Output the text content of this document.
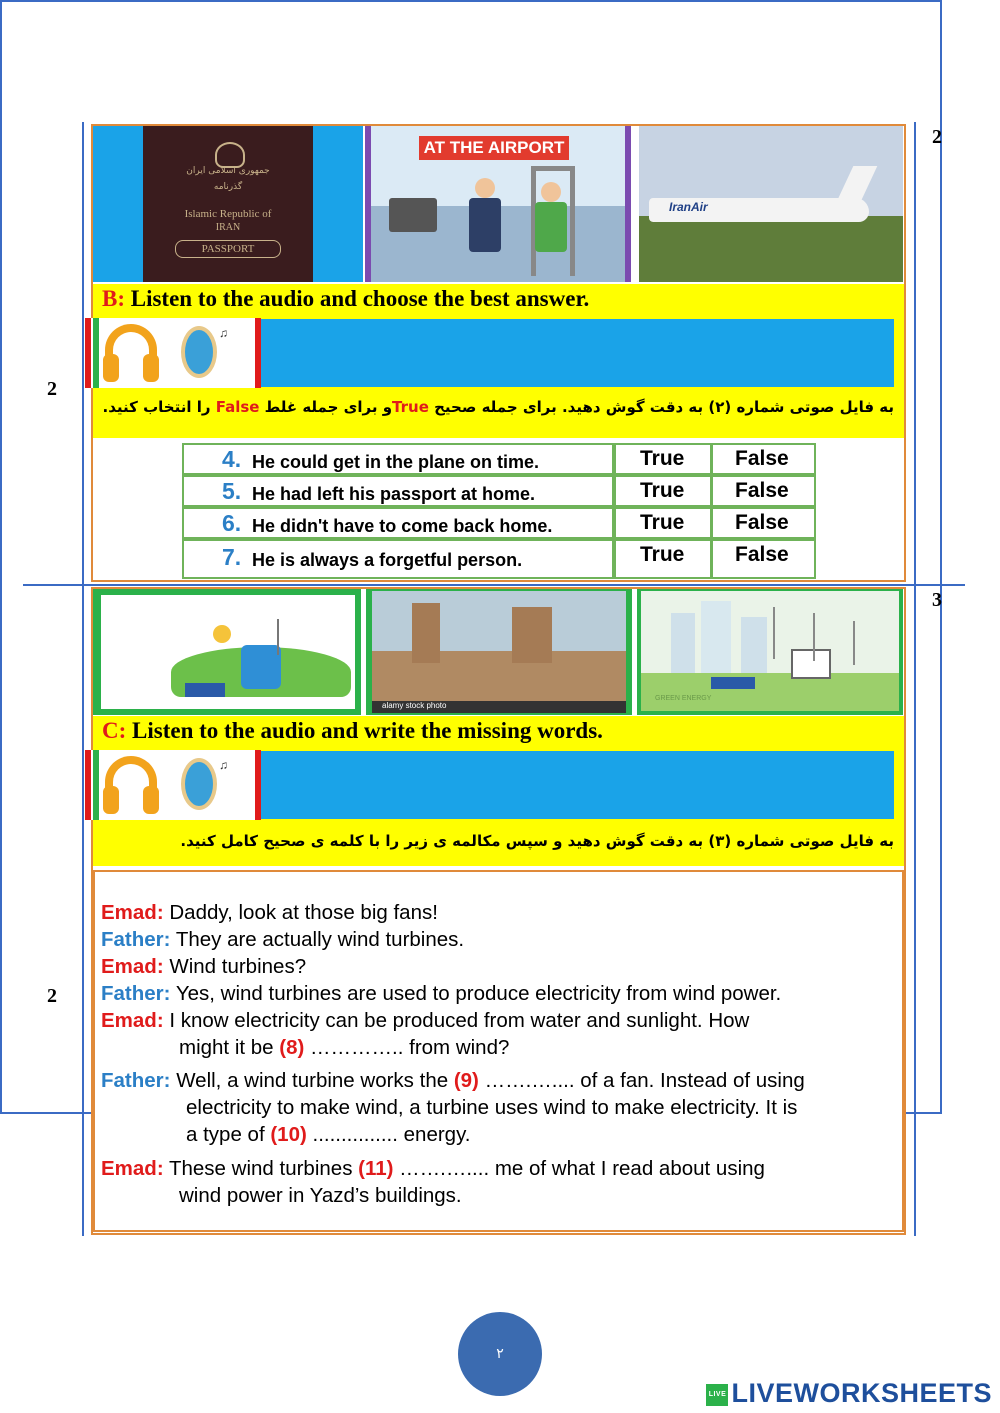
2
2
2
3
جمهوری اسلامی ایران
گذرنامه
Islamic Republic of
IRAN
PASSPORT
AT THE AIRPORT
IranAir
B: Listen to the audio and choose the best answer.
♫
به فایل صوتی شماره (۲) به دقت گوش دهید. برای جمله صحیح Trueو برای جمله غلط False را انتخاب کنید.
4. He could get in the plane on time.	True False
5. He had left his passport at home.	True False
6. He didn't have to come back home.	True False
7. He is always a forgetful person.	True False
alamy stock photo
GREEN ENERGY
C: Listen to the audio and write the missing words.
♫
به فایل صوتی شماره (۳) به دقت گوش دهید و سپس مکالمه ی زیر را با کلمه ی صحیح کامل کنید.
Emad: Daddy, look at those big fans!
Father: They are actually wind turbines.
Emad: Wind turbines?
Father: Yes, wind turbines are used to produce electricity from wind power.
Emad: I know electricity can be produced from water and sunlight. How
might it be (8) ………….. from wind?
Father: Well, a wind turbine works the (9) …….….... of a fan. Instead of using
electricity to make wind, a turbine uses wind to make electricity. It is
a type of (10) ............... energy.
Emad: These wind turbines (11) …….….... me of what I read about using
wind power in Yazd’s buildings.
۲
LIVE LIVEWORKSHEETS
